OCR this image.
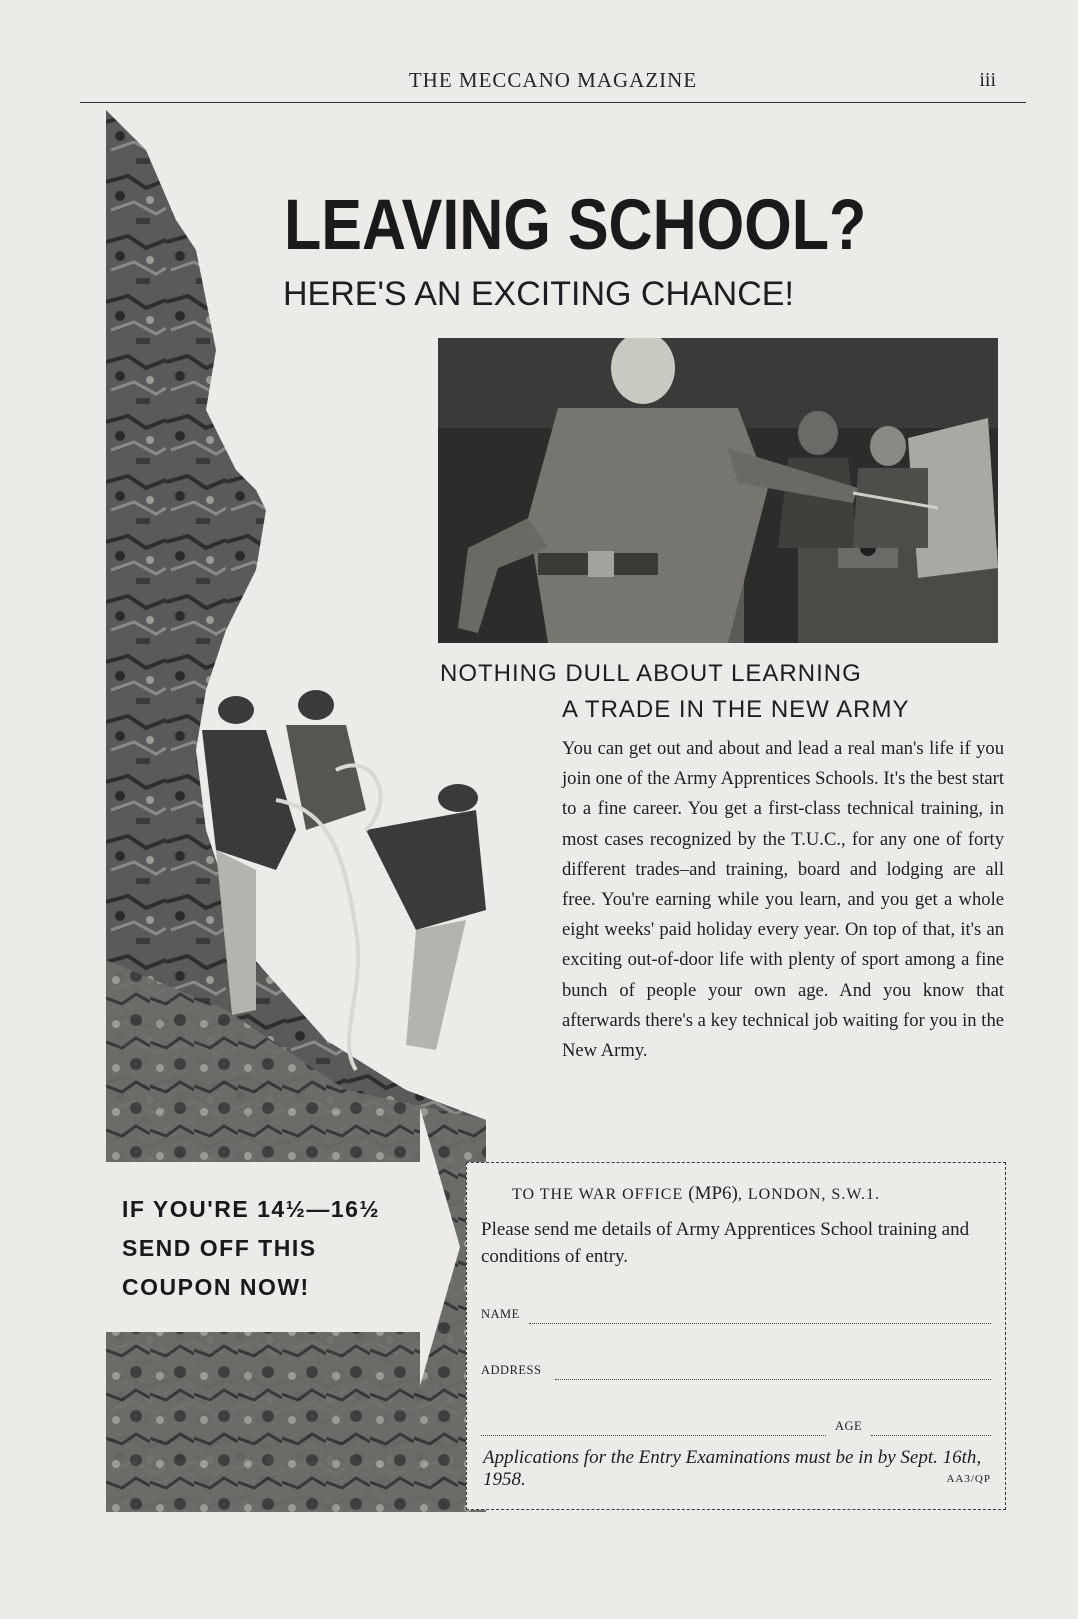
THE MECCANO MAGAZINE	iii
LEAVING SCHOOL?
HERE'S AN EXCITING CHANCE!
NOTHING DULL ABOUT LEARNING
A TRADE IN THE NEW ARMY

You can get out and about and lead a real man's life if you join one of the Army Apprentices Schools. It's the best start to a fine career. You get a first-class technical training, in most cases recognized by the T.U.C., for any one of forty different trades–and training, board and lodging are all free. You're earning while you learn, and you get a whole eight weeks' paid holiday every year. On top of that, it's an exciting out-of-door life with plenty of sport among a fine bunch of people your own age. And you know that afterwards there's a key technical job waiting for you in the New Army.

IF YOU'RE 14½—16½
SEND OFF THIS
COUPON NOW!

TO THE WAR OFFICE (MP6), LONDON, S.W.1.

Please send me details of Army Apprentices School training and conditions of entry.

NAME
ADDRESS
AGE

Applications for the Entry Examinations must be in by Sept. 16th, 1958.	AA3/QP
